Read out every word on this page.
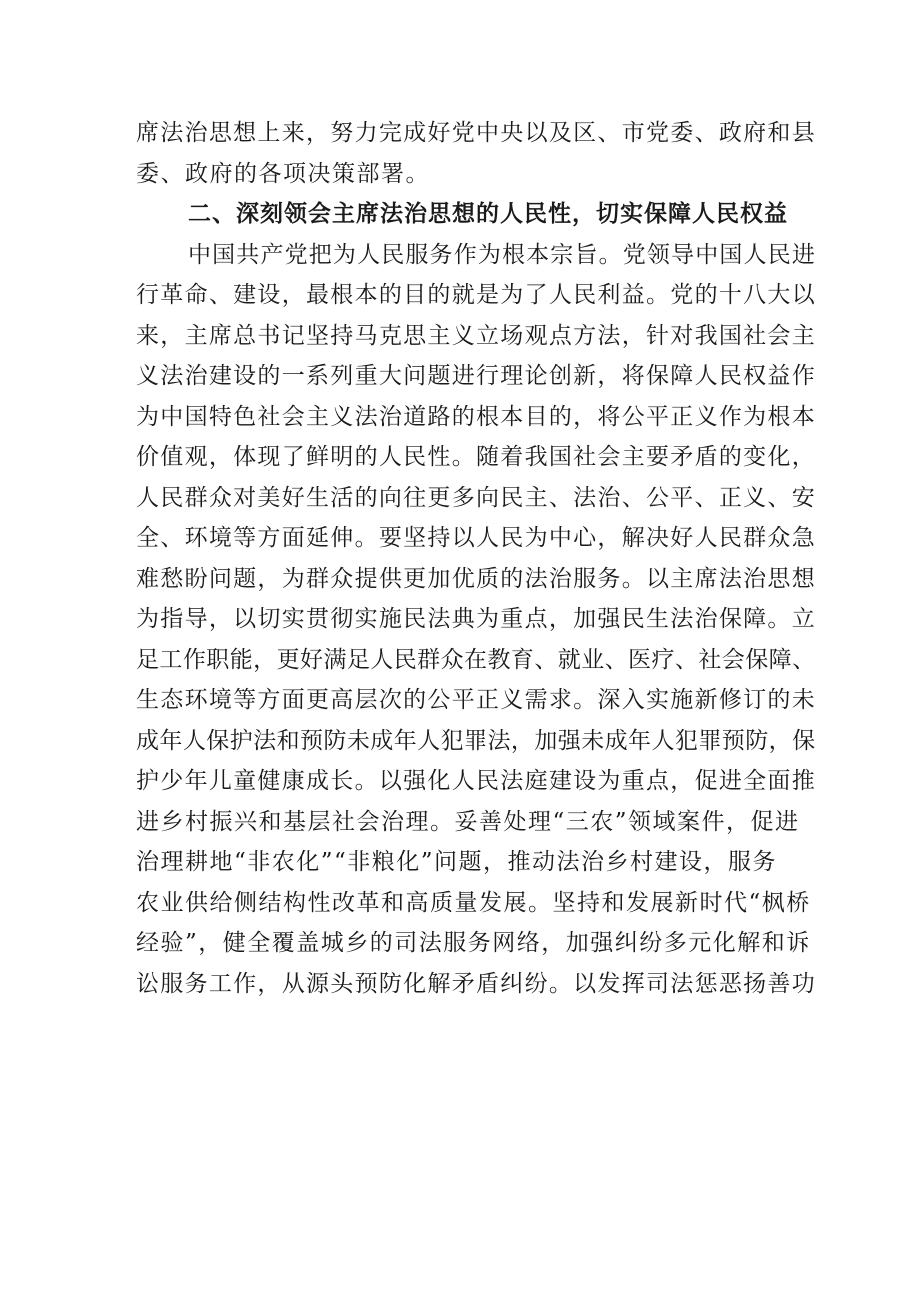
席法治思想上来，努力完成好党中央以及区、市党委、政府和县
委、政府的各项决策部署。
二、深刻领会主席法治思想的人民性，切实保障人民权益
中国共产党把为人民服务作为根本宗旨。党领导中国人民进
行革命、建设，最根本的目的就是为了人民利益。党的十八大以
来，主席总书记坚持马克思主义立场观点方法，针对我国社会主
义法治建设的一系列重大问题进行理论创新，将保障人民权益作
为中国特色社会主义法治道路的根本目的，将公平正义作为根本
价值观，体现了鲜明的人民性。随着我国社会主要矛盾的变化，
人民群众对美好生活的向往更多向民主、法治、公平、正义、安
全、环境等方面延伸。要坚持以人民为中心，解决好人民群众急
难愁盼问题，为群众提供更加优质的法治服务。以主席法治思想
为指导，以切实贯彻实施民法典为重点，加强民生法治保障。立
足工作职能，更好满足人民群众在教育、就业、医疗、社会保障、
生态环境等方面更高层次的公平正义需求。深入实施新修订的未
成年人保护法和预防未成年人犯罪法，加强未成年人犯罪预防，保
护少年儿童健康成长。以强化人民法庭建设为重点，促进全面推
进乡村振兴和基层社会治理。妥善处理“三农”领域案件，促进
治理耕地“非农化”“非粮化”问题，推动法治乡村建设，服务
农业供给侧结构性改革和高质量发展。坚持和发展新时代“枫桥
经验”，健全覆盖城乡的司法服务网络，加强纠纷多元化解和诉
讼服务工作，从源头预防化解矛盾纠纷。以发挥司法惩恶扬善功
